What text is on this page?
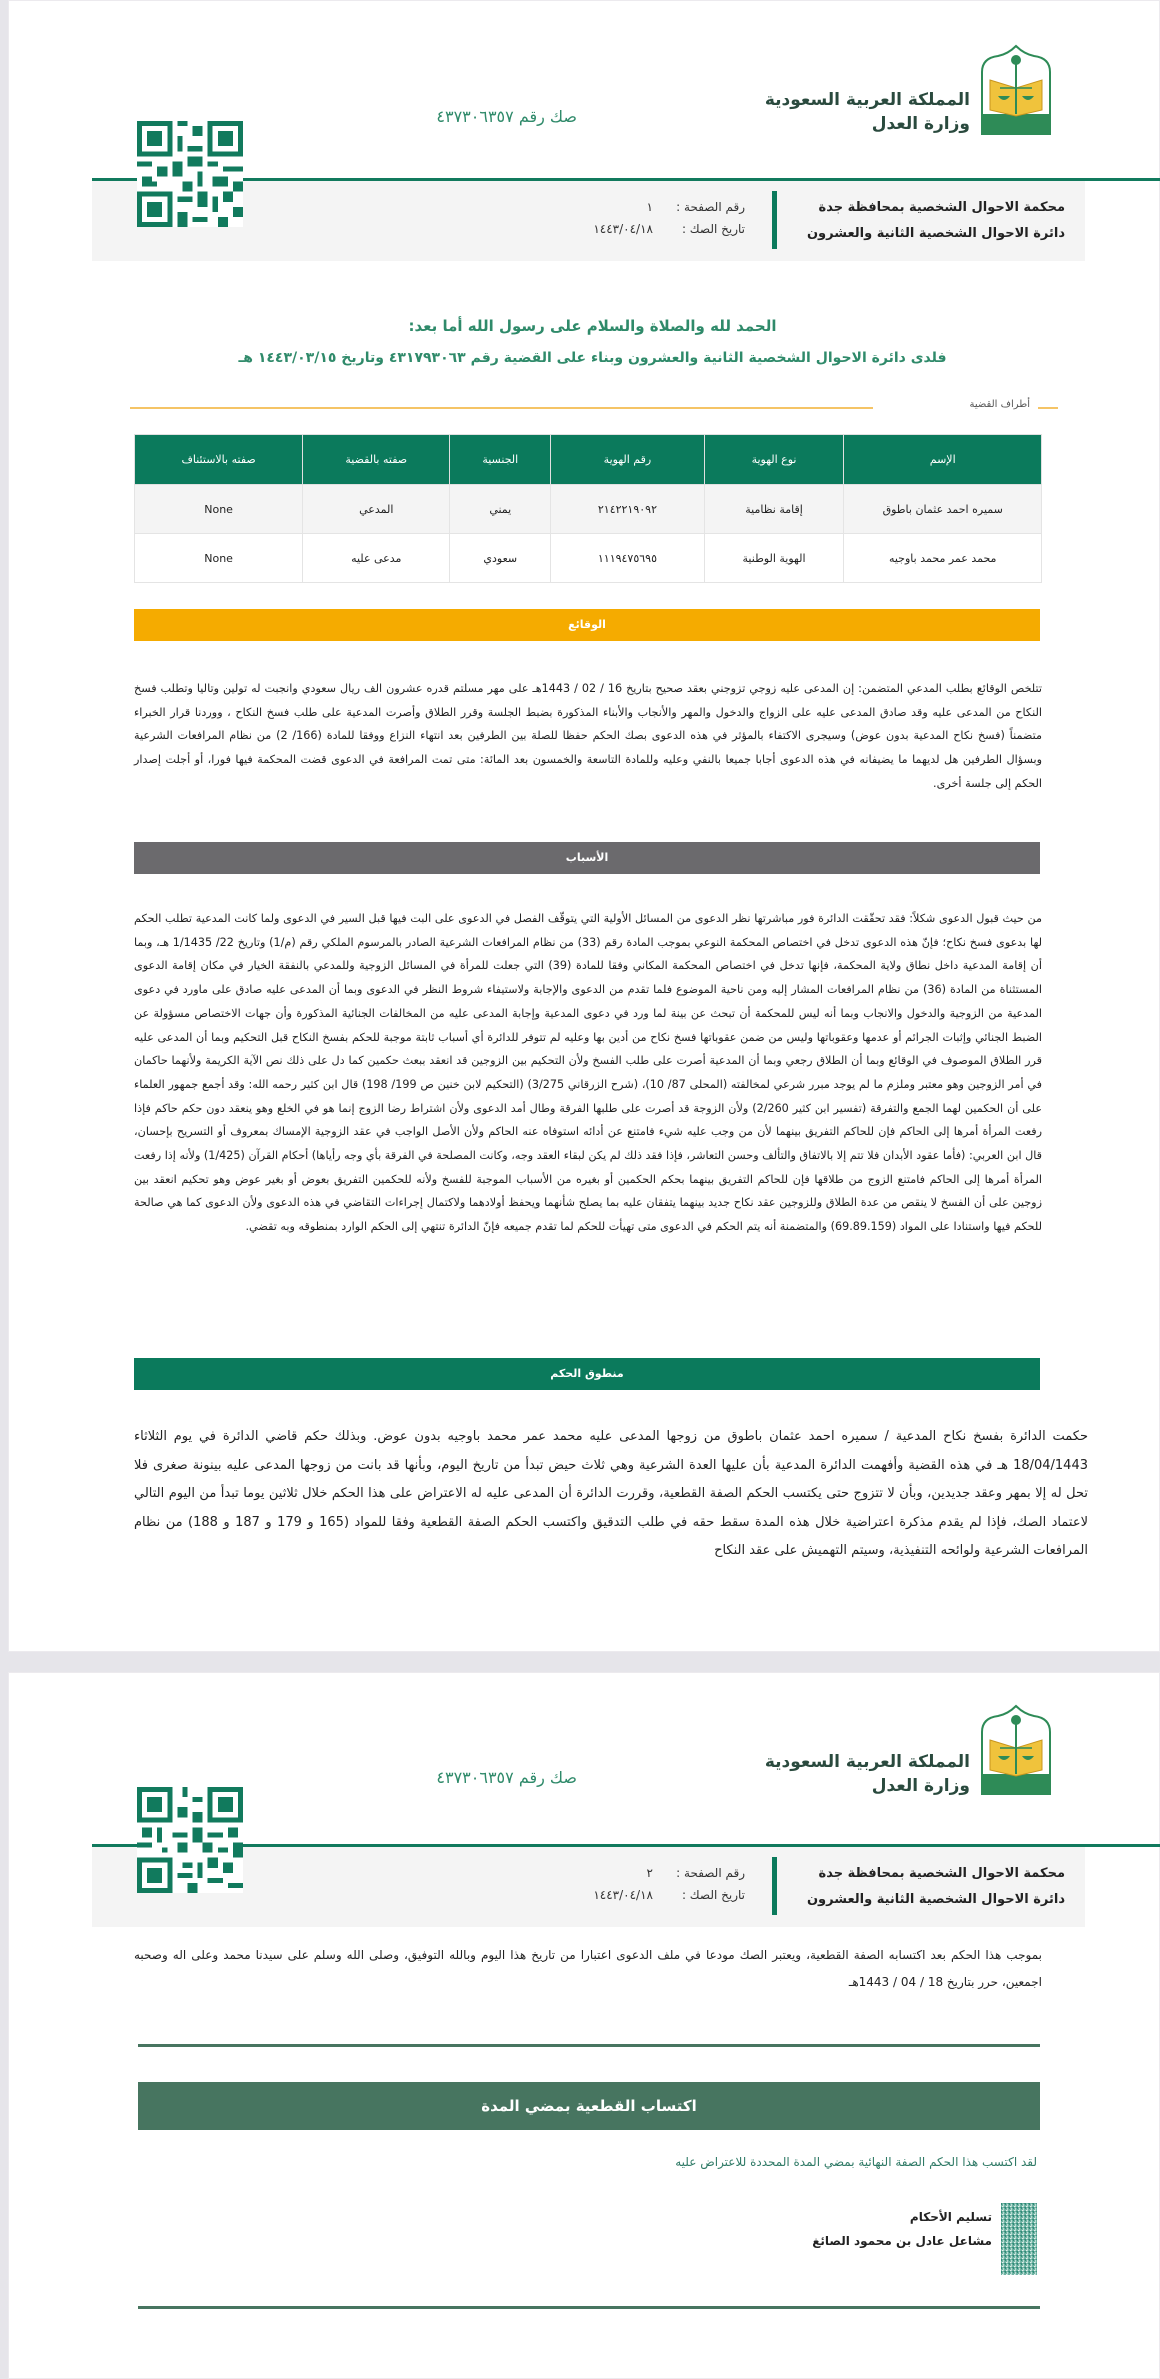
المملكة العربية السعودية
وزارة العدل
صك رقم ٤٣٧٣٠٦٣٥٧
محكمة الاحوال الشخصية بمحافظة جدة
دائرة الاحوال الشخصية الثانية والعشرون
رقم الصفحة :
١
تاريخ الصك :
١٤٤٣/٠٤/١٨
الحمد لله والصلاة والسلام على رسول الله أما بعد:
فلدى دائرة الاحوال الشخصية الثانية والعشرون وبناء على القضية رقم ٤٣١٧٩٣٠٦٣ وتاريخ ١٤٤٣/٠٣/١٥ هـ
أطراف القضية
الإسم	نوع الهوية	رقم الهوية	الجنسية	صفته بالقضية	صفته بالاستئناف
سميره احمد عثمان باطوق	إقامة نظامية	٢١٤٢٢١٩٠٩٢	يمني	المدعي	None
محمد عمر محمد باوجيه	الهوية الوطنية	١١١٩٤٧٥٦٩٥	سعودي	مدعى عليه	None
الوقائع
تتلخص الوقائع بطلب المدعي المتضمن: إن المدعى عليه زوجي تزوجني بعقد صحيح بتاريخ 16 / 02 / 1443هـ على مهر مسلتم قدره عشرون الف ريال سعودي وانجبت له تولين وتاليا وتطلب فسخ النكاح من المدعى عليه وقد صادق المدعى عليه على الزواج والدخول والمهر والأنجاب والأبناء المذكورة بضبط الجلسة وقرر الطلاق وأصرت المدعية على طلب فسخ النكاح ، ووردنا قرار الخبراء متضمناً (فسخ نكاح المدعية بدون عوض) وسيجرى الاكتفاء بالمؤثر في هذه الدعوى بصك الحكم حفظا للصلة بين الطرفين بعد انتهاء النزاع ووفقا للمادة (166/ 2) من نظام المرافعات الشرعية وبسؤال الطرفين هل لديهما ما يضيفانه في هذه الدعوى أجابا جميعا بالنفي وعليه وللمادة التاسعة والخمسون بعد المائة: متى تمت المرافعة في الدعوى قضت المحكمة فيها فورا، أو أجلت إصدار الحكم إلى جلسة أخرى.
الأسباب
من حيث قبول الدعوى شكلاً: فقد تحقّقت الدائرة فور مباشرتها نظر الدعوى من المسائل الأولية التي يتوقّف الفصل في الدعوى على البت فيها قبل السير في الدعوى ولما كانت المدعية تطلب الحكم لها بدعوى فسخ نكاح؛ فإنّ هذه الدعوى تدخل في اختصاص المحكمة النوعي بموجب المادة رقم (33) من نظام المرافعات الشرعية الصادر بالمرسوم الملكي رقم (م/1) وتاريخ 22/ 1/1435 هـ، وبما أن إقامة المدعية داخل نطاق ولاية المحكمة، فإنها تدخل في اختصاص المحكمة المكاني وفقا للمادة (39) التي جعلت للمرأة في المسائل الزوجية وللمدعي بالنفقة الخيار في مكان إقامة الدعوى المستثناة من المادة (36) من نظام المرافعات المشار إليه ومن ناحية الموضوع فلما تقدم من الدعوى والإجابة ولاستيفاء شروط النظر في الدعوى وبما أن المدعى عليه صادق على ماورد في دعوى المدعية من الزوجية والدخول والانجاب وبما أنه ليس للمحكمة أن تبحث عن بينة لما ورد في دعوى المدعية وإجابة المدعى عليه من المخالفات الجنائية المذكورة وأن جهات الاختصاص مسؤولة عن الضبط الجنائي وإثبات الجرائم أو عدمها وعقوباتها وليس من ضمن عقوباتها فسخ نكاح من أدين بها وعليه لم تتوفر للدائرة أي أسباب ثابتة موجبة للحكم بفسخ النكاح قبل التحكيم وبما أن المدعى عليه قرر الطلاق الموصوف في الوقائع وبما أن الطلاق رجعي وبما أن المدعية أصرت على طلب الفسخ ولأن التحكيم بين الزوجين قد انعقد ببعث حكمين كما دل على ذلك نص الآية الكريمة ولأنهما حاكمان في أمر الزوجين وهو معتبر وملزم ما لم يوجد مبرر شرعي لمخالفته (المحلى 87/ 10)، (شرح الزرقاني 3/275) (التحكيم لابن خنين ص 199/ 198) قال ابن كثير رحمه الله: وقد أجمع جمهور العلماء على أن الحكمين لهما الجمع والتفرقة (تفسير ابن كثير 2/260) ولأن الزوجة قد أصرت على طلبها الفرقة وطال أمد الدعوى ولأن اشتراط رضا الزوج إنما هو في الخلع وهو ينعقد دون حكم حاكم فإذا رفعت المرأة أمرها إلى الحاكم فإن للحاكم التفريق بينهما لأن من وجب عليه شيء فامتنع عن أدائه استوفاه عنه الحاكم ولأن الأصل الواجب في عقد الزوجية الإمساك بمعروف أو التسريح بإحسان، قال ابن العربي: (فأما عقود الأبدان فلا تتم إلا بالاتفاق والتألف وحسن التعاشر، فإذا فقد ذلك لم يكن لبقاء العقد وجه، وكانت المصلحة في الفرقة بأي وجه رأياها) أحكام القرآن (1/425) ولأنه إذا رفعت المرأة أمرها إلى الحاكم فامتنع الزوج من طلاقها فإن للحاكم التفريق بينهما بحكم الحكمين أو بغيره من الأسباب الموجبة للفسخ ولأنه للحكمين التفريق بعوض أو بغير عوض وهو تحكيم انعقد بين زوجين على أن الفسخ لا ينقص من عدة الطلاق وللزوجين عقد نكاح جديد بينهما يتفقان عليه بما يصلح شأنهما ويحفظ أولادهما ولاكتمال إجراءات التقاضي في هذه الدعوى ولأن الدعوى كما هي صالحة للحكم فيها واستنادا على المواد (69.89.159) والمتضمنة أنه يتم الحكم في الدعوى متى تهيأت للحكم لما تقدم جميعه فإنّ الدائرة تنتهي إلى الحكم الوارد بمنطوقه وبه تقضي.
منطوق الحكم
حكمت الدائرة بفسخ نكاح المدعية / سميره احمد عثمان باطوق من زوجها المدعى عليه محمد عمر محمد باوجيه بدون عوض. وبذلك حكم قاضي الدائرة في يوم الثلاثاء 18/04/1443 هـ في هذه القضية وأفهمت الدائرة المدعية بأن عليها العدة الشرعية وهي ثلاث حيض تبدأ من تاريخ اليوم، وبأنها قد بانت من زوجها المدعى عليه بينونة صغرى فلا تحل له إلا بمهر وعقد جديدين، وبأن لا تتزوج حتى يكتسب الحكم الصفة القطعية، وقررت الدائرة أن المدعى عليه له الاعتراض على هذا الحكم خلال ثلاثين يوما تبدأ من اليوم التالي لاعتماد الصك، فإذا لم يقدم مذكرة اعتراضية خلال هذه المدة سقط حقه في طلب التدقيق واكتسب الحكم الصفة القطعية وفقا للمواد (165 و 179 و 187 و 188) من نظام المرافعات الشرعية ولوائحه التنفيذية، وسيتم التهميش على عقد النكاح
المملكة العربية السعودية
وزارة العدل
صك رقم ٤٣٧٣٠٦٣٥٧
محكمة الاحوال الشخصية بمحافظة جدة
دائرة الاحوال الشخصية الثانية والعشرون
رقم الصفحة :
٢
تاريخ الصك :
١٤٤٣/٠٤/١٨
بموجب هذا الحكم بعد اكتسابه الصفة القطعية، ويعتبر الصك مودعا في ملف الدعوى اعتبارا من تاريخ هذا اليوم وبالله التوفيق، وصلى الله وسلم على سيدنا محمد وعلى اله وصحبه اجمعين، حرر بتاريخ 18 / 04 / 1443هـ
اكتساب القطعية بمضي المدة
لقد اكتسب هذا الحكم الصفة النهائية بمضي المدة المحددة للاعتراض عليه
تسليم الأحكام
مشاعل عادل بن محمود الصائغ
